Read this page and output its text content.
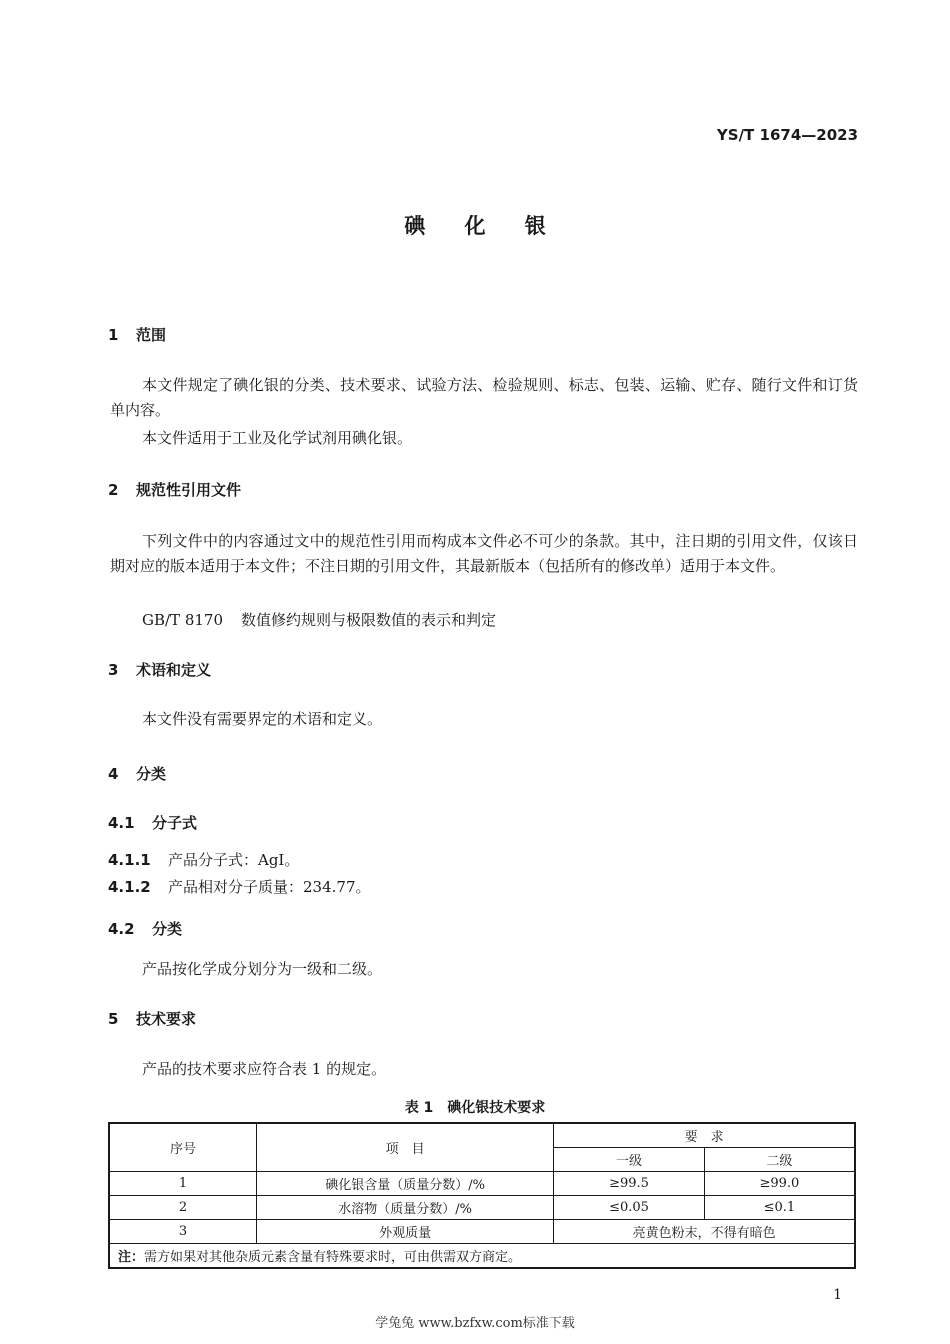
YS/T 1674—2023
碘 化 银
1 范围
本文件规定了碘化银的分类、技术要求、试验方法、检验规则、标志、包装、运输、贮存、随行文件和订货单内容。
本文件适用于工业及化学试剂用碘化银。
2 规范性引用文件
下列文件中的内容通过文中的规范性引用而构成本文件必不可少的条款。其中，注日期的引用文件，仅该日期对应的版本适用于本文件；不注日期的引用文件，其最新版本（包括所有的修改单）适用于本文件。
GB/T 8170 数值修约规则与极限数值的表示和判定
3 术语和定义
本文件没有需要界定的术语和定义。
4 分类
4.1 分子式
4.1.1 产品分子式：AgI。
4.1.2 产品相对分子质量：234.77。
4.2 分类
产品按化学成分划分为一级和二级。
5 技术要求
产品的技术要求应符合表 1 的规定。
表 1 碘化银技术要求
序号	项　目	要　求	
		一级	二级
1	碘化银含量（质量分数）/%	≥99.5	≥99.0
2	水溶物（质量分数）/%	≤0.05	≤0.1
3	外观质量	亮黄色粉末，不得有暗色	
注：需方如果对其他杂质元素含量有特殊要求时，可由供需双方商定。			
1
学兔兔 www.bzfxw.com标准下载
